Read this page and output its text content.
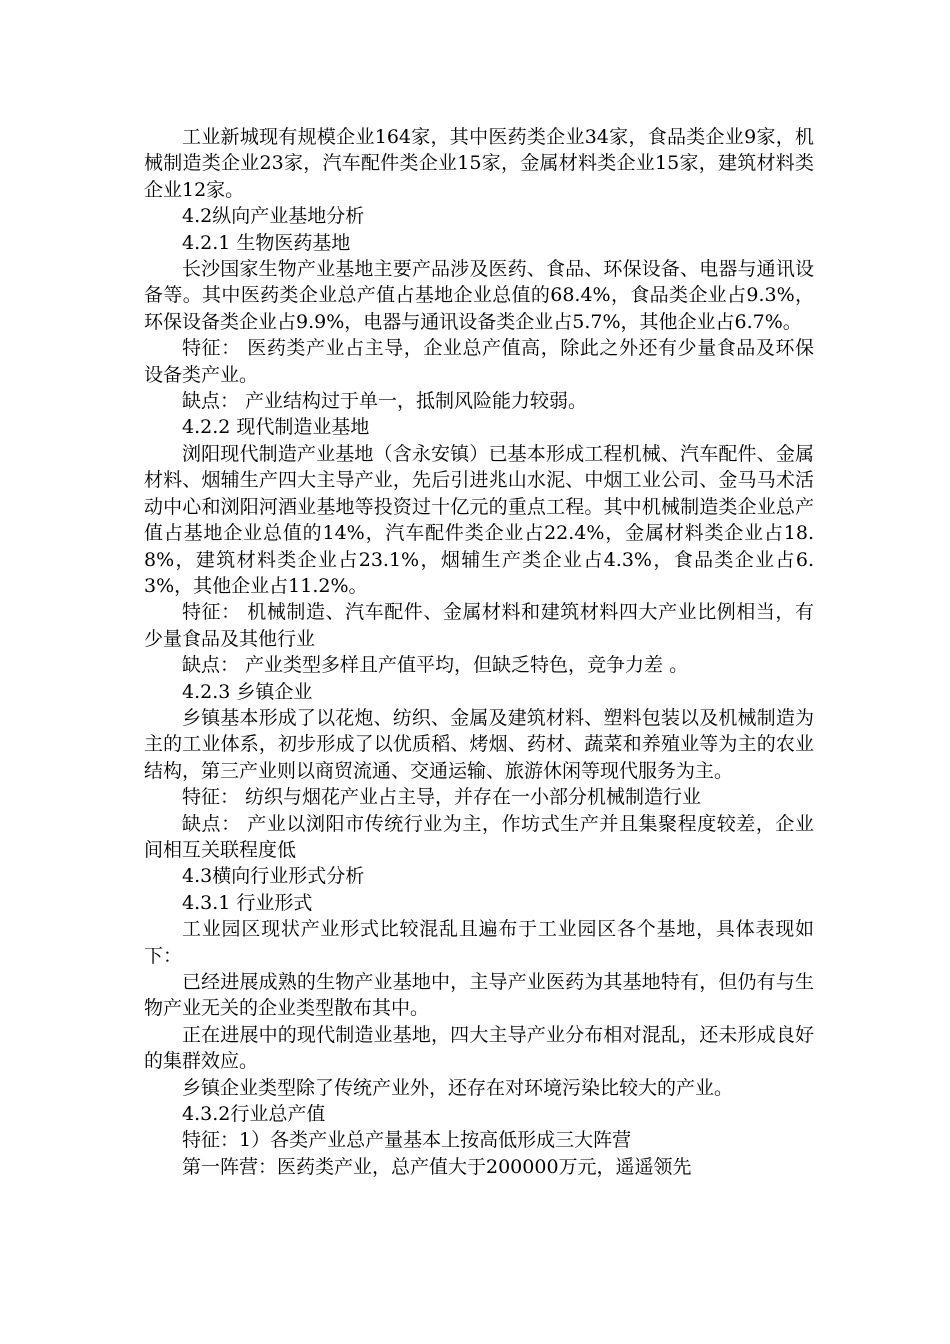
工业新城现有规模企业164家，其中医药类企业34家，食品类企业9家，机械制造类企业23家，汽车配件类企业15家，金属材料类企业15家，建筑材料类企业12家。

4.2纵向产业基地分析

4.2.1 生物医药基地

长沙国家生物产业基地主要产品涉及医药、食品、环保设备、电器与通讯设备等。其中医药类企业总产值占基地企业总值的68.4%，食品类企业占9.3%，环保设备类企业占9.9%，电器与通讯设备类企业占5.7%，其他企业占6.7%。

特征： 医药类产业占主导，企业总产值高，除此之外还有少量食品及环保设备类产业。

缺点： 产业结构过于单一，抵制风险能力较弱。

4.2.2 现代制造业基地

浏阳现代制造产业基地（含永安镇）已基本形成工程机械、汽车配件、金属材料、烟辅生产四大主导产业，先后引进兆山水泥、中烟工业公司、金马马术活动中心和浏阳河酒业基地等投资过十亿元的重点工程。其中机械制造类企业总产值占基地企业总值的14%，汽车配件类企业占22.4%，金属材料类企业占18.8%，建筑材料类企业占23.1%，烟辅生产类企业占4.3%，食品类企业占6.3%，其他企业占11.2%。

特征： 机械制造、汽车配件、金属材料和建筑材料四大产业比例相当，有少量食品及其他行业

缺点： 产业类型多样且产值平均，但缺乏特色，竞争力差 。

4.2.3 乡镇企业

乡镇基本形成了以花炮、纺织、金属及建筑材料、塑料包装以及机械制造为主的工业体系，初步形成了以优质稻、烤烟、药材、蔬菜和养殖业等为主的农业结构，第三产业则以商贸流通、交通运输、旅游休闲等现代服务为主。

特征： 纺织与烟花产业占主导，并存在一小部分机械制造行业

缺点： 产业以浏阳市传统行业为主，作坊式生产并且集聚程度较差，企业间相互关联程度低

4.3横向行业形式分析

4.3.1 行业形式

工业园区现状产业形式比较混乱且遍布于工业园区各个基地，具体表现如下：

已经进展成熟的生物产业基地中，主导产业医药为其基地特有，但仍有与生物产业无关的企业类型散布其中。

正在进展中的现代制造业基地，四大主导产业分布相对混乱，还未形成良好的集群效应。

乡镇企业类型除了传统产业外，还存在对环境污染比较大的产业。

4.3.2行业总产值

特征：1）各类产业总产量基本上按高低形成三大阵营

第一阵营：医药类产业，总产值大于200000万元，遥遥领先
